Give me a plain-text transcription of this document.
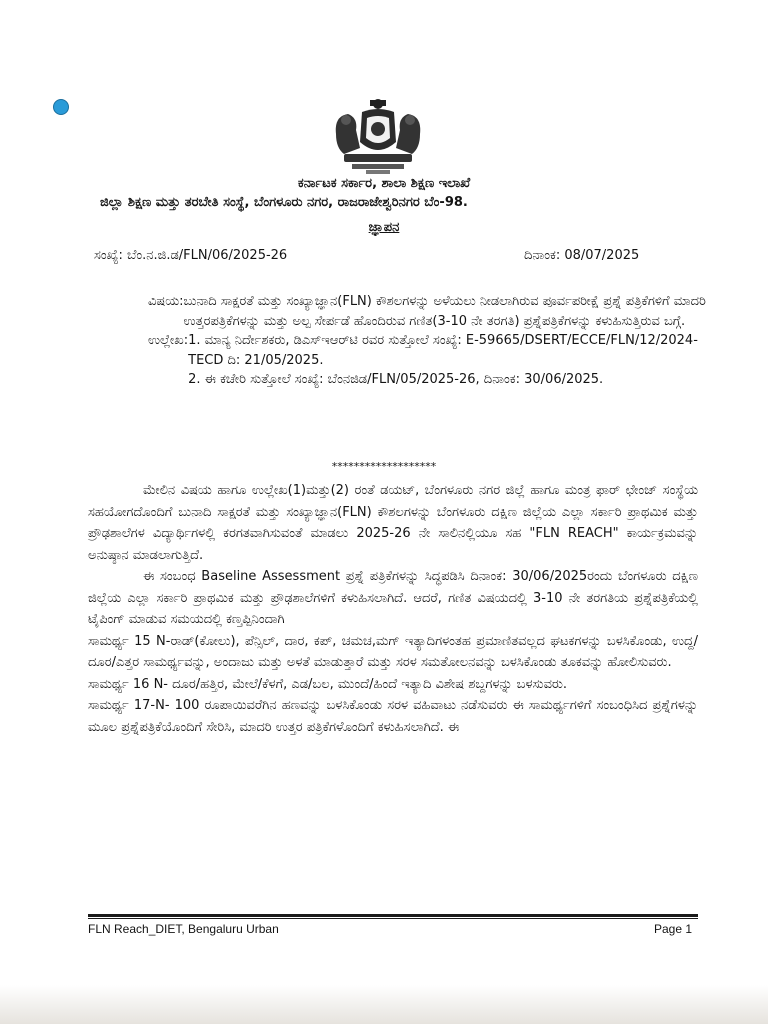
ಕರ್ನಾಟಕ ಸರ್ಕಾರ, ಶಾಲಾ ಶಿಕ್ಷಣ ಇಲಾಖೆ
ಜಿಲ್ಲಾ ಶಿಕ್ಷಣ ಮತ್ತು ತರಬೇತಿ ಸಂಸ್ಥೆ, ಬೆಂಗಳೂರು ನಗರ, ರಾಜರಾಜೇಶ್ವರಿನಗರ ಬೆಂ-98.
ಜ್ಞಾಪನ
ಸಂಖ್ಯೆ: ಬೆಂ.ನ.ಜಿ.ಡ/FLN/06/2025-26	ದಿನಾಂಕ: 08/07/2025
ವಿಷಯ: ಬುನಾದಿ ಸಾಕ್ಷರತೆ ಮತ್ತು ಸಂಖ್ಯಾಜ್ಞಾನ(FLN) ಕೌಶಲಗಳನ್ನು ಅಳೆಯಲು ನೀಡಲಾಗಿರುವ ಪೂರ್ವಪರೀಕ್ಷೆ ಪ್ರಶ್ನೆ ಪತ್ರಿಕೆಗಳಿಗೆ ಮಾದರಿ ಉತ್ತರಪತ್ರಿಕೆಗಳನ್ನು ಮತ್ತು ಅಲ್ಪ ಸೇರ್ಪಡೆ ಹೊಂದಿರುವ ಗಣಿತ(3-10 ನೇ ತರಗತಿ) ಪ್ರಶ್ನೆಪತ್ರಿಕೆಗಳನ್ನು ಕಳುಹಿಸುತ್ತಿರುವ ಬಗ್ಗೆ.
ಉಲ್ಲೇಖ: 1. ಮಾನ್ಯ ನಿರ್ದೇಶಕರು, ಡಿಎಸ್ಇಆರ್‌ಟಿ ರವರ ಸುತ್ತೋಲೆ ಸಂಖ್ಯೆ: E-59665/DSERT/ECCE/FLN/12/2024-TECD ದಿ: 21/05/2025.
2. ಈ ಕಚೇರಿ ಸುತ್ತೋಲೆ ಸಂಖ್ಯೆ: ಬೆಂನಜಿಡ/FLN/05/2025-26, ದಿನಾಂಕ: 30/06/2025.
*******************

ಮೇಲಿನ ವಿಷಯ ಹಾಗೂ ಉಲ್ಲೇಖ(1)ಮತ್ತು(2) ರಂತೆ ಡಯಟ್, ಬೆಂಗಳೂರು ನಗರ ಜಿಲ್ಲೆ ಹಾಗೂ ಮಂತ್ರ ಫಾರ್ ಛೇಂಜ್ ಸಂಸ್ಥೆಯ ಸಹಯೋಗದೊಂದಿಗೆ ಬುನಾದಿ ಸಾಕ್ಷರತೆ ಮತ್ತು ಸಂಖ್ಯಾಜ್ಞಾನ(FLN) ಕೌಶಲಗಳನ್ನು ಬೆಂಗಳೂರು ದಕ್ಷಿಣ ಜಿಲ್ಲೆಯ ಎಲ್ಲಾ ಸರ್ಕಾರಿ ಪ್ರಾಥಮಿಕ ಮತ್ತು ಪ್ರೌಢಶಾಲೆಗಳ ವಿದ್ಯಾರ್ಥಿಗಳಲ್ಲಿ ಕರಗತವಾಗಿಸುವಂತೆ ಮಾಡಲು 2025-26 ನೇ ಸಾಲಿನಲ್ಲಿಯೂ ಸಹ "FLN REACH" ಕಾರ್ಯಕ್ರಮವನ್ನು ಅನುಷ್ಠಾನ ಮಾಡಲಾಗುತ್ತಿದೆ.

ಈ ಸಂಬಂಧ Baseline Assessment ಪ್ರಶ್ನೆ ಪತ್ರಿಕೆಗಳನ್ನು ಸಿದ್ಧಪಡಿಸಿ ದಿನಾಂಕ: 30/06/2025ರಂದು ಬೆಂಗಳೂರು ದಕ್ಷಿಣ ಜಿಲ್ಲೆಯ ಎಲ್ಲಾ ಸರ್ಕಾರಿ ಪ್ರಾಥಮಿಕ ಮತ್ತು ಪ್ರೌಢಶಾಲೆಗಳಿಗೆ ಕಳುಹಿಸಲಾಗಿದೆ. ಆದರೆ, ಗಣಿತ ವಿಷಯದಲ್ಲಿ 3-10 ನೇ ತರಗತಿಯ ಪ್ರಶ್ನೆಪತ್ರಿಕೆಯಲ್ಲಿ ಟೈಪಿಂಗ್ ಮಾಡುವ ಸಮಯದಲ್ಲಿ ಕಣ್ತಪ್ಪಿನಿಂದಾಗಿ

ಸಾಮರ್ಥ್ಯ 15 N-ರಾಡ್(ಕೋಲು), ಪೆನ್ಸಿಲ್, ದಾರ, ಕಪ್, ಚಮಚ,ಮಗ್ ಇತ್ಯಾದಿಗಳಂತಹ ಪ್ರಮಾಣಿತವಲ್ಲದ ಘಟಕಗಳನ್ನು ಬಳಸಿಕೊಂಡು, ಉದ್ದ/ದೂರ/ಎತ್ತರ ಸಾಮರ್ಥ್ಯವನ್ನು, ಅಂದಾಜು ಮತ್ತು ಅಳತೆ ಮಾಡುತ್ತಾರೆ ಮತ್ತು ಸರಳ ಸಮತೋಲನವನ್ನು ಬಳಸಿಕೊಂಡು ತೂಕವನ್ನು ಹೋಲಿಸುವರು.

ಸಾಮರ್ಥ್ಯ 16 N- ದೂರ/ಹತ್ತಿರ, ಮೇಲೆ/ಕೆಳಗೆ, ಎಡ/ಬಲ, ಮುಂದೆ/ಹಿಂದೆ ಇತ್ಯಾದಿ ವಿಶೇಷ ಶಬ್ದಗಳನ್ನು ಬಳಸುವರು.

ಸಾಮರ್ಥ್ಯ 17-N- 100 ರೂಪಾಯಿವರೆಗಿನ ಹಣವನ್ನು ಬಳಸಿಕೊಂಡು ಸರಳ ವಹಿವಾಟು ನಡೆಸುವರು ಈ ಸಾಮರ್ಥ್ಯಗಳಿಗೆ ಸಂಬಂಧಿಸಿದ ಪ್ರಶ್ನೆಗಳನ್ನು ಮೂಲ ಪ್ರಶ್ನೆಪತ್ರಿಕೆಯೊಂದಿಗೆ ಸೇರಿಸಿ, ಮಾದರಿ ಉತ್ತರ ಪತ್ರಿಕೆಗಳೊಂದಿಗೆ ಕಳುಹಿಸಲಾಗಿದೆ. ಈ

FLN Reach_DIET, Bengaluru Urban	Page 1
